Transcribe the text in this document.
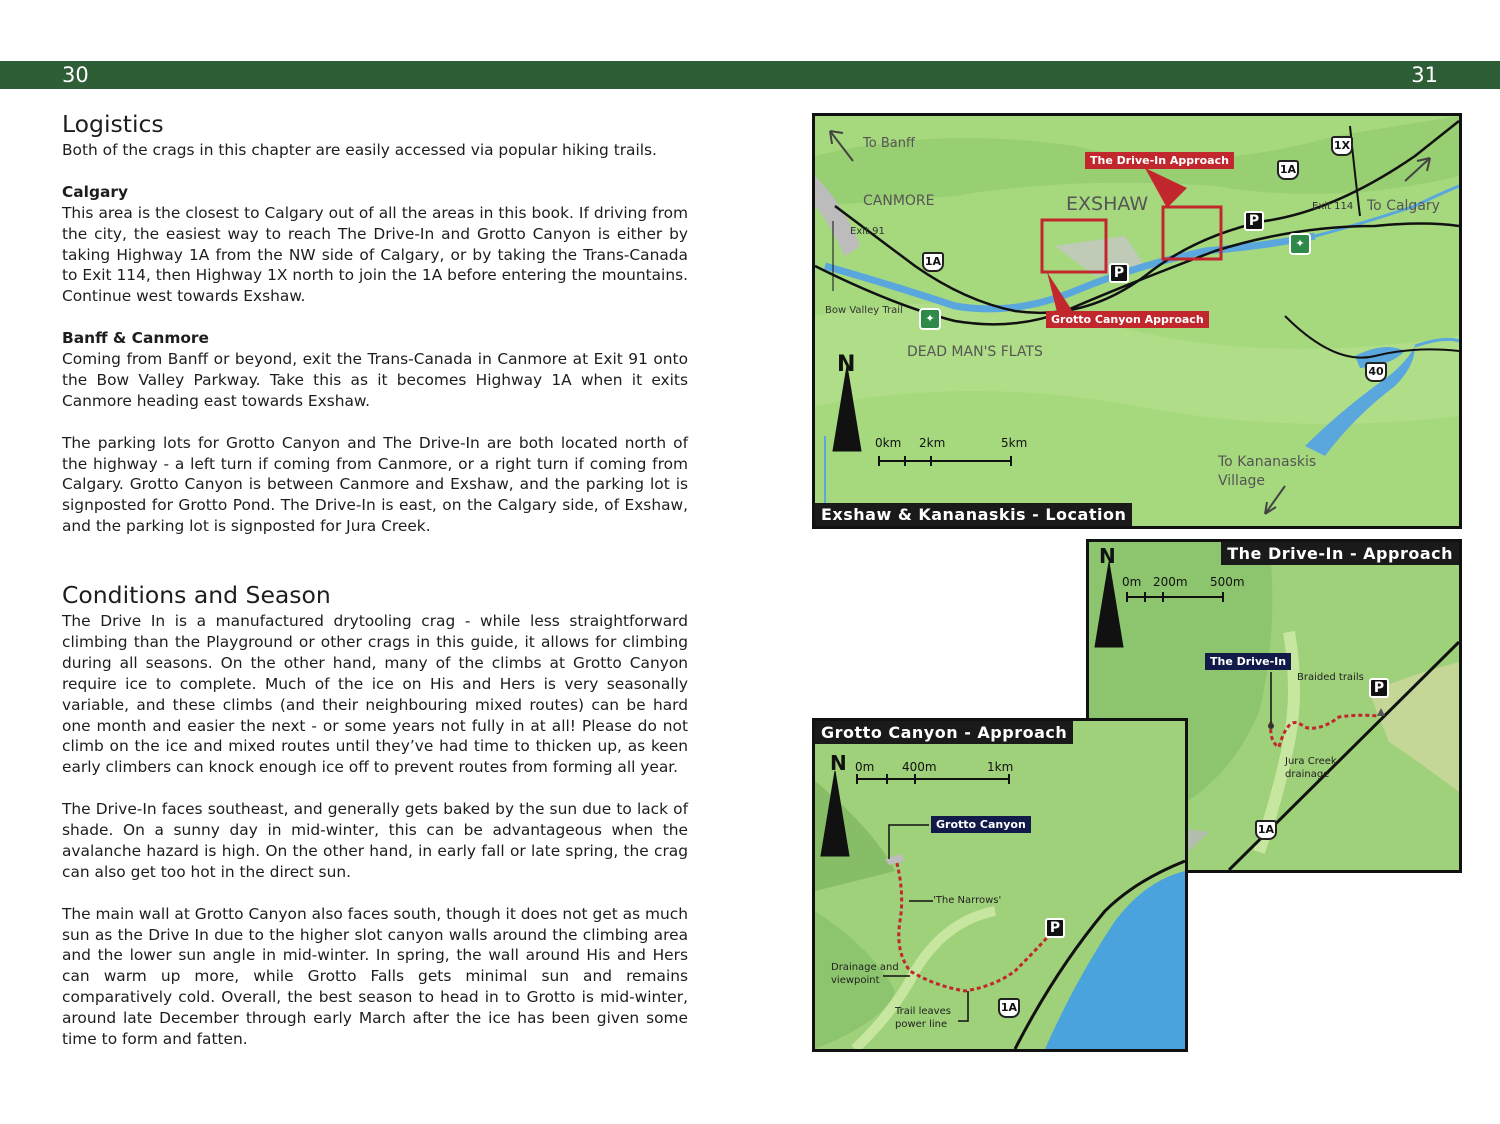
30	31
Logistics

Both of the crags in this chapter are easily accessed via popular hiking trails.

Calgary

This area is the closest to Calgary out of all the areas in this book. If driving from the city, the easiest way to reach The Drive-In and Grotto Canyon is either by taking Highway 1A from the NW side of Calgary, or by taking the Trans-Canada to Exit 114, then Highway 1X north to join the 1A before entering the mountains. Continue west towards Exshaw.

Banff & Canmore

Coming from Banff or beyond, exit the Trans-Canada in Canmore at Exit 91 onto the Bow Valley Parkway. Take this as it becomes Highway 1A when it exits Canmore heading east towards Exshaw.

The parking lots for Grotto Canyon and The Drive-In are both located north of the highway - a left turn if coming from Canmore, or a right turn if coming from Calgary. Grotto Canyon is between Canmore and Exshaw, and the parking lot is signposted for Grotto Pond. The Drive-In is east, on the Calgary side, of Exshaw, and the parking lot is signposted for Jura Creek.

Conditions and Season

The Drive In is a manufactured drytooling crag - while less straightforward climbing than the Playground or other crags in this guide, it allows for climbing during all seasons. On the other hand, many of the climbs at Grotto Canyon require ice to complete. Much of the ice on His and Hers is very seasonally variable, and these climbs (and their neighbouring mixed routes) can be hard one month and easier the next - or some years not fully in at all! Please do not climb on the ice and mixed routes until they’ve had time to thicken up, as keen early climbers can knock enough ice off to prevent routes from forming all year.

The Drive-In faces southeast, and generally gets baked by the sun due to lack of shade. On a sunny day in mid-winter, this can be advantageous when the avalanche hazard is high. On the other hand, in early fall or late spring, the crag can also get too hot in the direct sun.

The main wall at Grotto Canyon also faces south, though it does not get as much sun as the Drive In due to the higher slot canyon walls around the climbing area and the lower sun angle in mid-winter. In spring, the wall around His and Hers can warm up more, while Grotto Falls gets minimal sun and remains comparatively cold. Overall, the best season to head in to Grotto is mid-winter, around late December through early March after the ice has been given some time to form and fatten.

To Banff
CANMORE	EXSHAW
Exit 91
Exit 114 To Calgary
Bow Valley Trail
DEAD MAN'S FLATS
To Kananaskis
Village
The Drive-In Approach
Grotto Canyon Approach
N
0km 2km	5km
1A
1A
1X
40
P
P
✦
✦
Exshaw & Kananaskis - Location
N
0m 200m 500m
The Drive-In
Braided trails
Jura Creek
drainage
1A
P
The Drive-In - Approach
N 0m 400m	1km
Grotto Canyon
'The Narrows'
Drainage and
viewpoint
Trail leaves
power line
1A
P
Grotto Canyon - Approach
